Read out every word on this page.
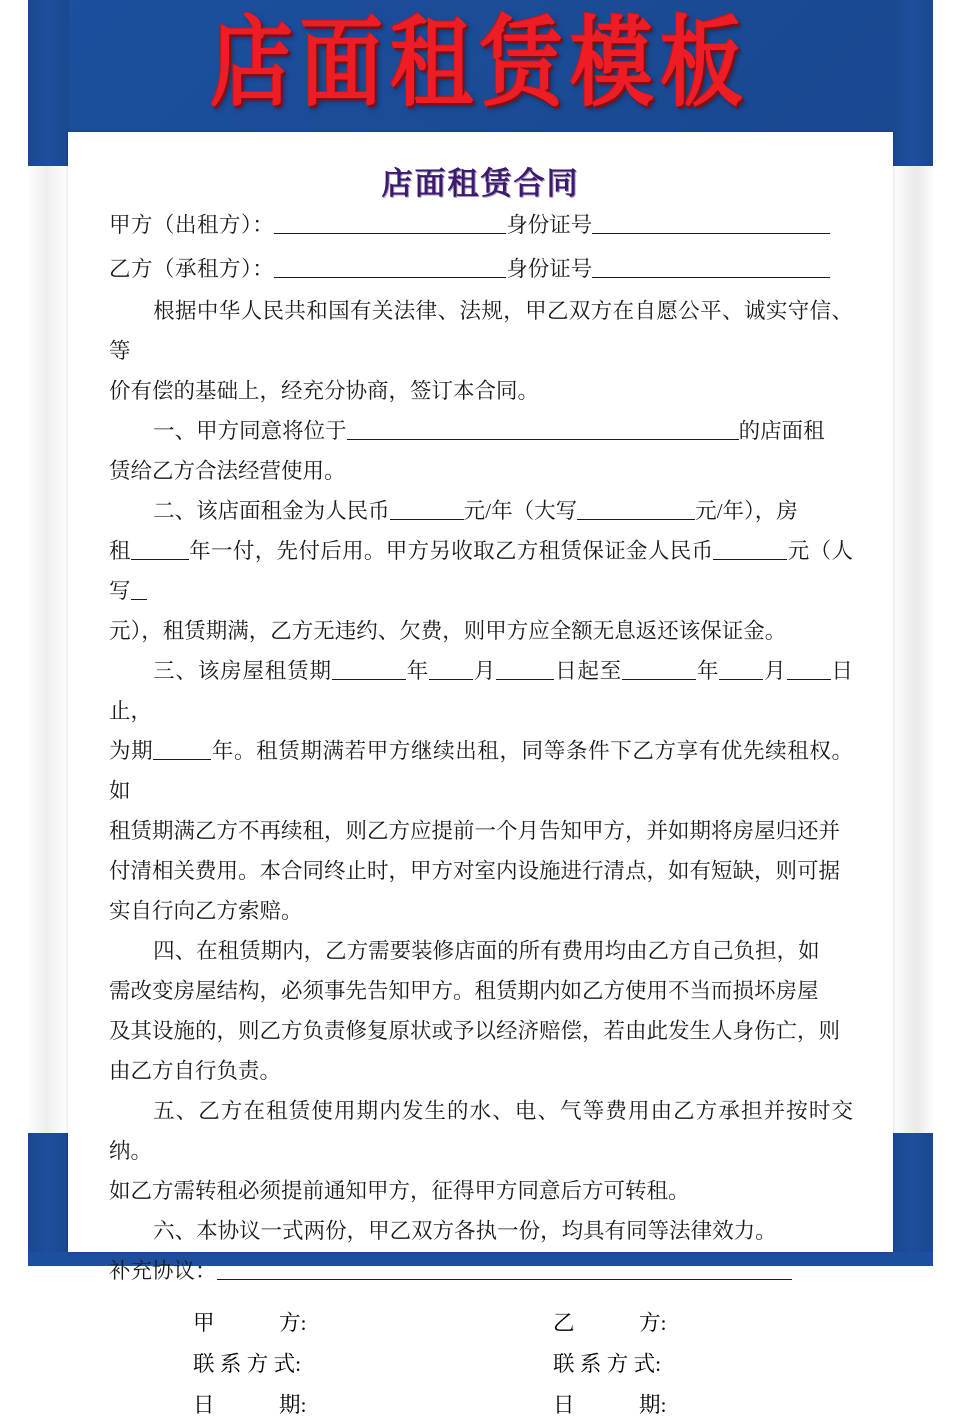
店面租赁模板
店面租赁合同
甲方（出租方）：	身份证号
乙方（承租方）：	身份证号

根据中华人民共和国有关法律、法规，甲乙双方在自愿公平、诚实守信、等

价有偿的基础上，经充分协商，签订本合同。

一、甲方同意将位于	的店面租

赁给乙方合法经营使用。

二、该店面租金为人民币	元/年（大写	元/年），房

租	年一付，先付后用。甲方另收取乙方租赁保证金人民币	元（人写

元），租赁期满，乙方无违约、欠费，则甲方应全额无息返还该保证金。

三、该房屋租赁期	年 月	日起至	年 月 日止，

为期	年。租赁期满若甲方继续出租，同等条件下乙方享有优先续租权。如

租赁期满乙方不再续租，则乙方应提前一个月告知甲方，并如期将房屋归还并

付清相关费用。本合同终止时，甲方对室内设施进行清点，如有短缺，则可据

实自行向乙方索赔。

四、在租赁期内，乙方需要装修店面的所有费用均由乙方自己负担，如

需改变房屋结构，必须事先告知甲方。租赁期内如乙方使用不当而损坏房屋

及其设施的，则乙方负责修复原状或予以经济赔偿，若由此发生人身伤亡，则

由乙方自行负责。

五、乙方在租赁使用期内发生的水、电、气等费用由乙方承担并按时交纳。

如乙方需转租必须提前通知甲方，征得甲方同意后方可转租。

六、本协议一式两份，甲乙双方各执一份，均具有同等法律效力。

补充协议：

甲　　　方:	乙　　　方:
联 系 方 式:	联 系 方 式:
日　　　期:	日　　　期:
